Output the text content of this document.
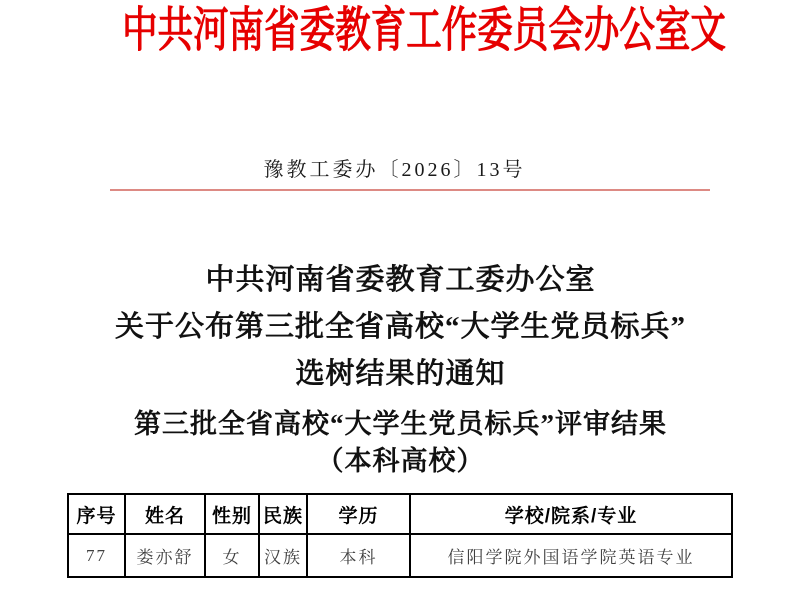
中共河南省委教育工作委员会办公室文
豫教工委办〔2026〕13号
中共河南省委教育工委办公室
关于公布第三批全省高校“大学生党员标兵”
选树结果的通知
第三批全省高校“大学生党员标兵”评审结果
（本科高校）
序号	姓名	性别	民族	学历	学校/院系/专业
77	娄亦舒	女	汉族	本科	信阳学院外国语学院英语专业
